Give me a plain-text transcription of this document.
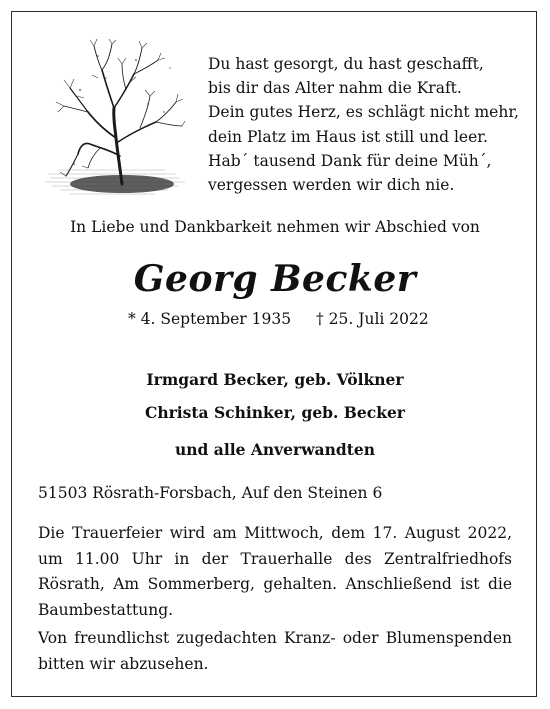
Du hast gesorgt, du hast geschafft,
bis dir das Alter nahm die Kraft.
Dein gutes Herz, es schlägt nicht mehr,
dein Platz im Haus ist still und leer.
Hab´ tausend Dank für deine Müh´,
vergessen werden wir dich nie.
In Liebe und Dankbarkeit nehmen wir Abschied von
Georg Becker
* 4. September 1935 † 25. Juli 2022
Irmgard Becker, geb. Völkner
Christa Schinker, geb. Becker
und alle Anverwandten
51503 Rösrath-Forsbach, Auf den Steinen 6
Die Trauerfeier wird am Mittwoch, dem 17. August 2022, um 11.00 Uhr in der Trauerhalle des Zentralfriedhofs Rösrath, Am Sommerberg, gehalten. Anschließend ist die Baumbestattung.
Von freundlichst zugedachten Kranz- oder Blumenspenden bitten wir abzusehen.
